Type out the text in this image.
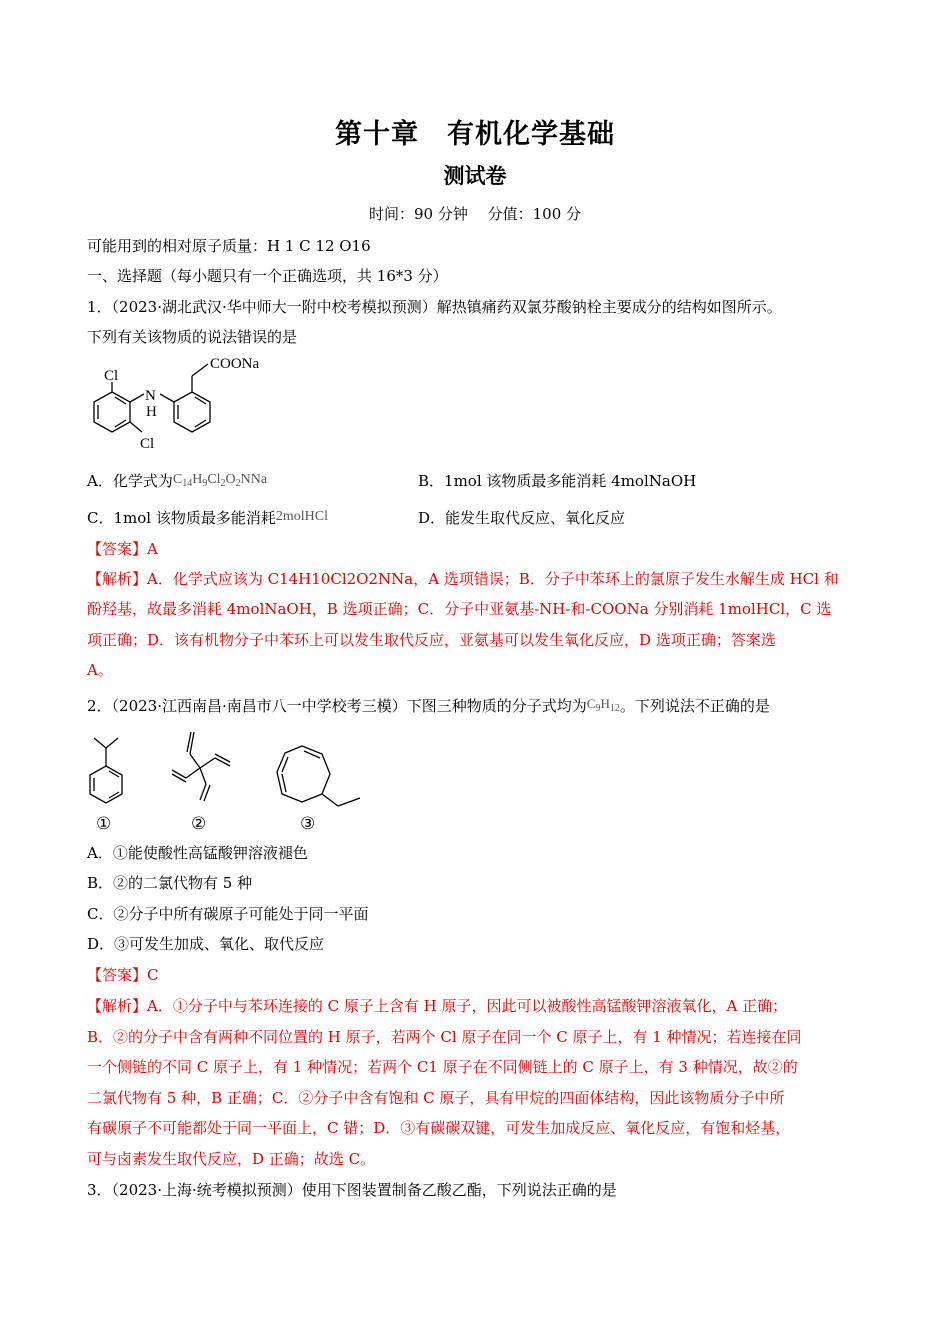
第十章　有机化学基础
测试卷
时间：90 分钟　 分值：100 分
可能用到的相对原子质量：H 1 C 12 O16
一、选择题（每小题只有一个正确选项，共 16*3 分）
1．（2023·湖北武汉·华中师大一附中校考模拟预测）解热镇痛药双氯芬酸钠栓主要成分的结构如图所示。
下列有关该物质的说法错误的是
COONa
Cl
N
H
Cl
A．化学式为$C_{14}H_9Cl_2O_2NNa$	B．1mol 该物质最多能消耗 4molNaOH
C．1mol 该物质最多能消耗2molHCl	D．能发生取代反应、氧化反应
【答案】A
【解析】A．化学式应该为 C14H10Cl2O2NNa，A 选项错误；B．分子中苯环上的氯原子发生水解生成 HCl 和
酚羟基，故最多消耗 4molNaOH，B 选项正确；C．分子中亚氨基-NH-和-COONa 分别消耗 1molHCl，C 选
项正确；D．该有机物分子中苯环上可以发生取代反应，亚氨基可以发生氧化反应，D 选项正确；答案选
A。
2．（2023·江西南昌·南昌市八一中学校考三模）下图三种物质的分子式均为$C_9H_{12}$。下列说法不正确的是
①	②	③
A．①能使酸性高锰酸钾溶液褪色
B．②的二氯代物有 5 种
C．②分子中所有碳原子可能处于同一平面
D．③可发生加成、氧化、取代反应
【答案】C
【解析】A．①分子中与苯环连接的 C 原子上含有 H 原子，因此可以被酸性高锰酸钾溶液氧化，A 正确；
B．②的分子中含有两种不同位置的 H 原子，若两个 Cl 原子在同一个 C 原子上，有 1 种情况；若连接在同
一个侧链的不同 C 原子上，有 1 种情况；若两个 C1 原子在不同侧链上的 C 原子上，有 3 种情况，故②的
二氯代物有 5 种，B 正确；C．②分子中含有饱和 C 原子，具有甲烷的四面体结构，因此该物质分子中所
有碳原子不可能都处于同一平面上，C 错；D．③有碳碳双键，可发生加成反应、氧化反应，有饱和烃基，
可与卤素发生取代反应，D 正确；故选 C。
3．（2023·上海·统考模拟预测）使用下图装置制备乙酸乙酯，下列说法正确的是
